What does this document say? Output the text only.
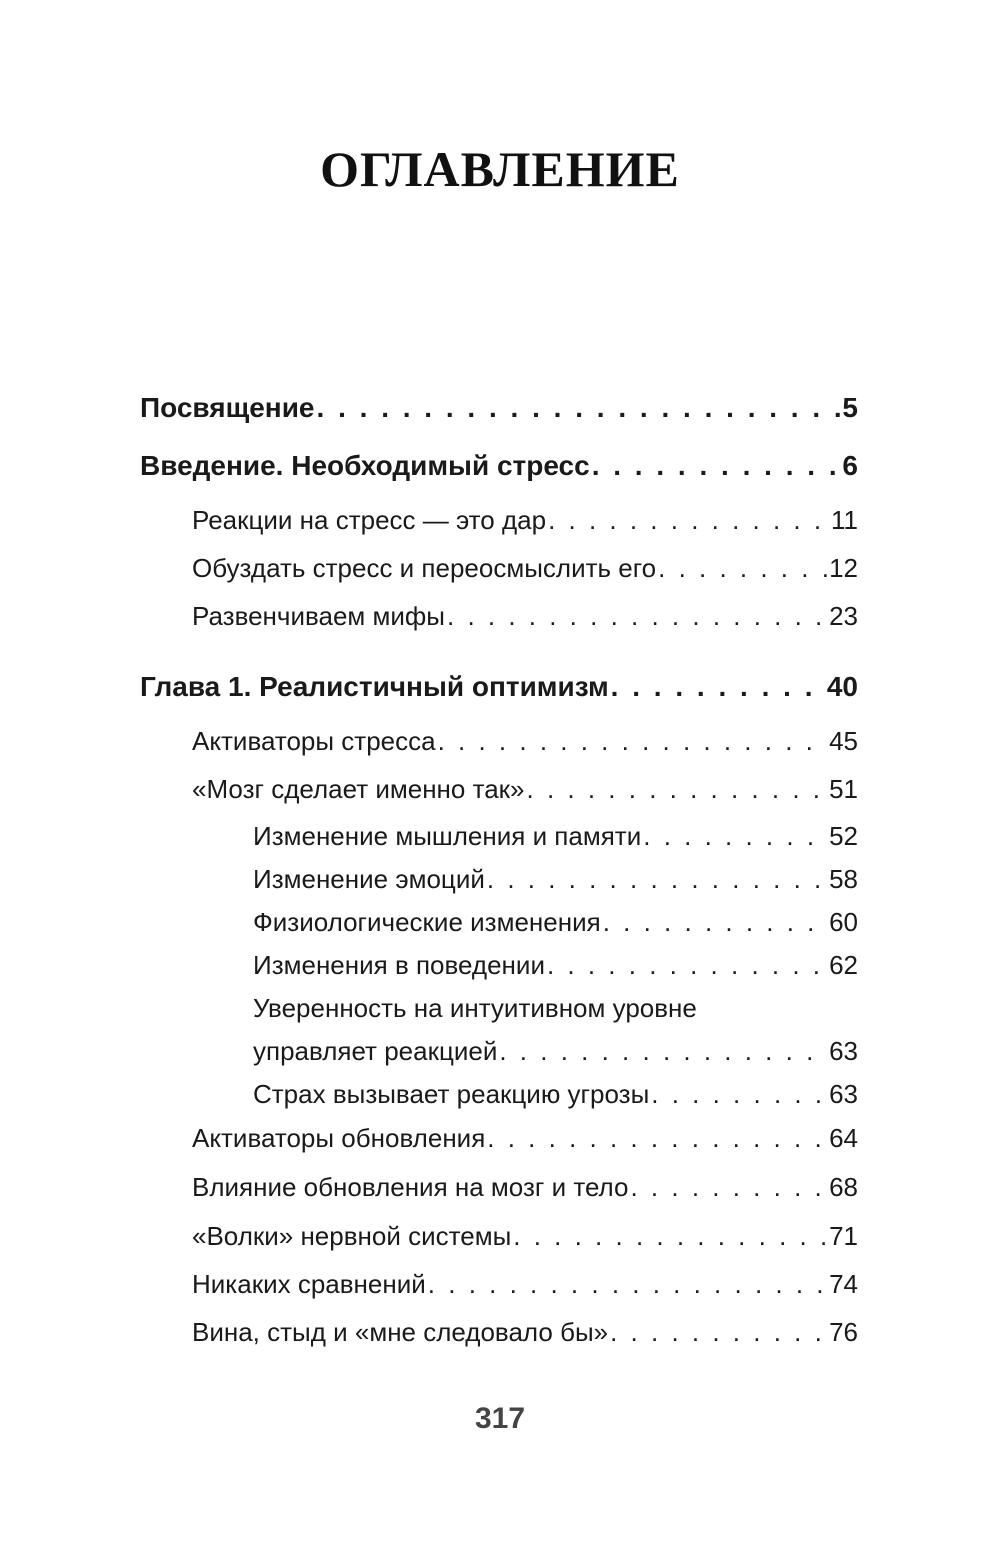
ОГЛАВЛЕНИЕ
Посвящение . . .	5
Введение. Необходимый стресс . . .	6
Реакции на стресс — это дар . . .	11
Обуздать стресс и переосмыслить его . . .	12
Развенчиваем мифы . . .	23
Глава 1. Реалистичный оптимизм . . .	40
Активаторы стресса . . .	45
«Мозг сделает именно так» . . .	51
Изменение мышления и памяти . . .	52
Изменение эмоций . . .	58
Физиологические изменения . . .	60
Изменения в поведении . . .	62
Уверенность на интуитивном уровне
управляет реакцией . . .	63
Страх вызывает реакцию угрозы . . .	63
Активаторы обновления . . .	64
Влияние обновления на мозг и тело . . .	68
«Волки» нервной системы . . .	71
Никаких сравнений . . .	74
Вина, стыд и «мне следовало бы» . . .	76
317
